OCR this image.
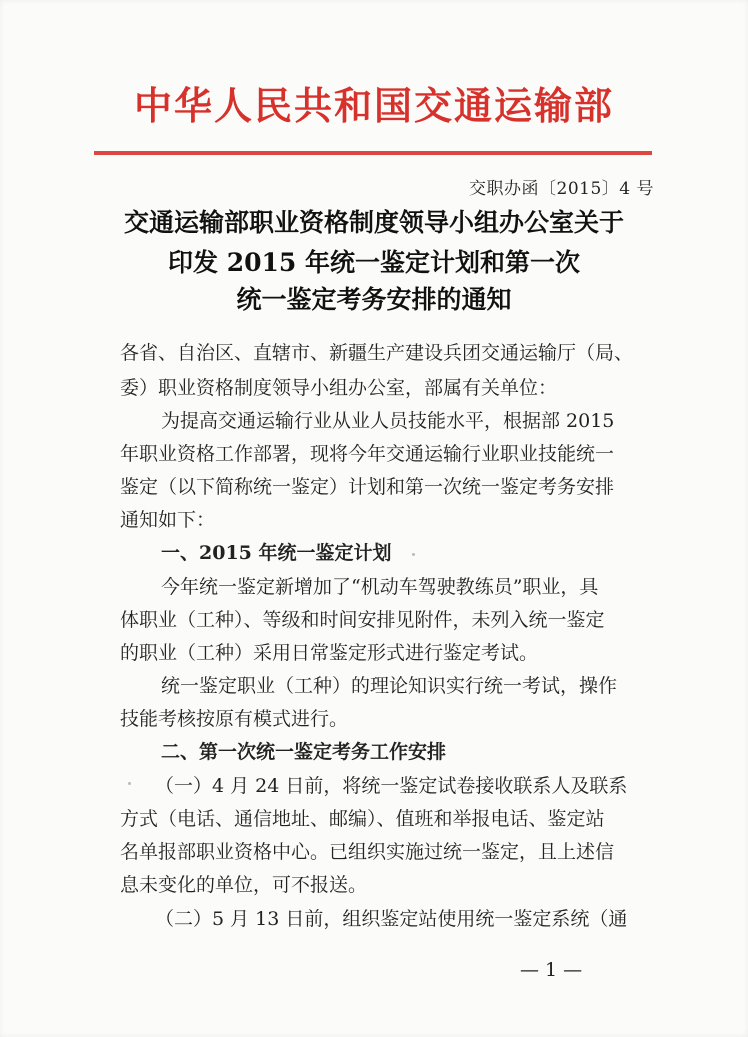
中华人民共和国交通运输部
交职办函〔2015〕4 号
交通运输部职业资格制度领导小组办公室关于
印发 2015 年统一鉴定计划和第一次
统一鉴定考务安排的通知
各省、自治区、直辖市、新疆生产建设兵团交通运输厅（局、
委）职业资格制度领导小组办公室，部属有关单位：
为提高交通运输行业从业人员技能水平，根据部 2015
年职业资格工作部署，现将今年交通运输行业职业技能统一
鉴定（以下简称统一鉴定）计划和第一次统一鉴定考务安排
通知如下：
一、2015 年统一鉴定计划
今年统一鉴定新增加了“机动车驾驶教练员”职业，具
体职业（工种）、等级和时间安排见附件，未列入统一鉴定
的职业（工种）采用日常鉴定形式进行鉴定考试。
统一鉴定职业（工种）的理论知识实行统一考试，操作
技能考核按原有模式进行。
二、第一次统一鉴定考务工作安排
（一）4 月 24 日前，将统一鉴定试卷接收联系人及联系
方式（电话、通信地址、邮编）、值班和举报电话、鉴定站
名单报部职业资格中心。已组织实施过统一鉴定，且上述信
息未变化的单位，可不报送。
（二）5 月 13 日前，组织鉴定站使用统一鉴定系统（通
— 1 —
